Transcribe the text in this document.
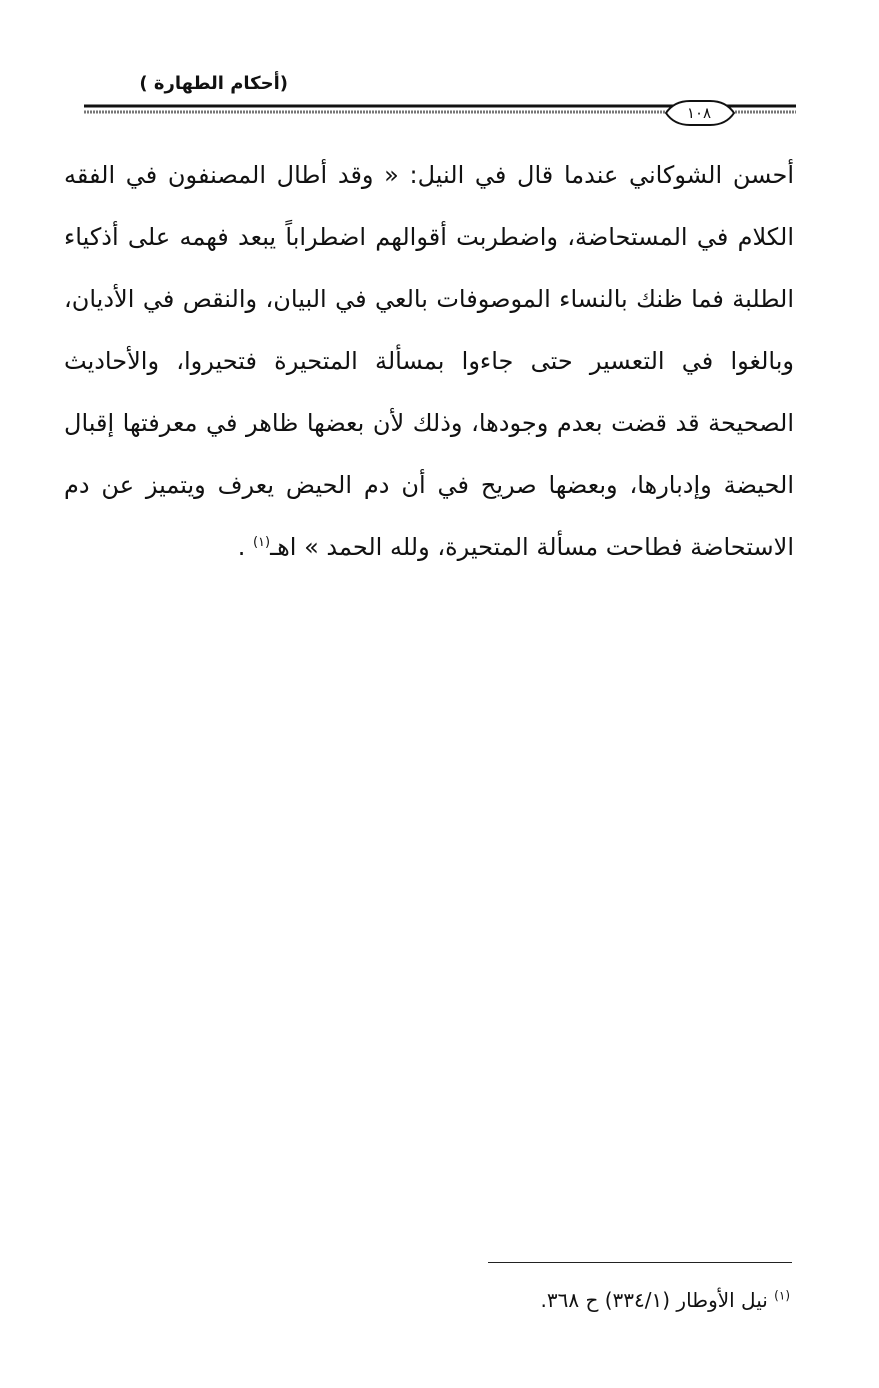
(أحكام الطهارة )
١٠٨

أحسن الشوكاني عندما قال في النيل: « وقد أطال المصنفون في الفقه الكلام في المستحاضة، واضطربت أقوالهم اضطراباً يبعد فهمه على أذكياء الطلبة فما ظنك بالنساء الموصوفات بالعي في البيان، والنقص في الأديان، وبالغوا في التعسير حتى جاءوا بمسألة المتحيرة فتحيروا، والأحاديث الصحيحة قد قضت بعدم وجودها، وذلك لأن بعضها ظاهر في معرفتها إقبال الحيضة وإدبارها، وبعضها صريح في أن دم الحيض يعرف ويتميز عن دم الاستحاضة فطاحت مسألة المتحيرة، ولله الحمد » اهـ$^{(١)}$ .

$^{(١)}$ نيل الأوطار (٣٣٤/١) ح ٣٦٨.
